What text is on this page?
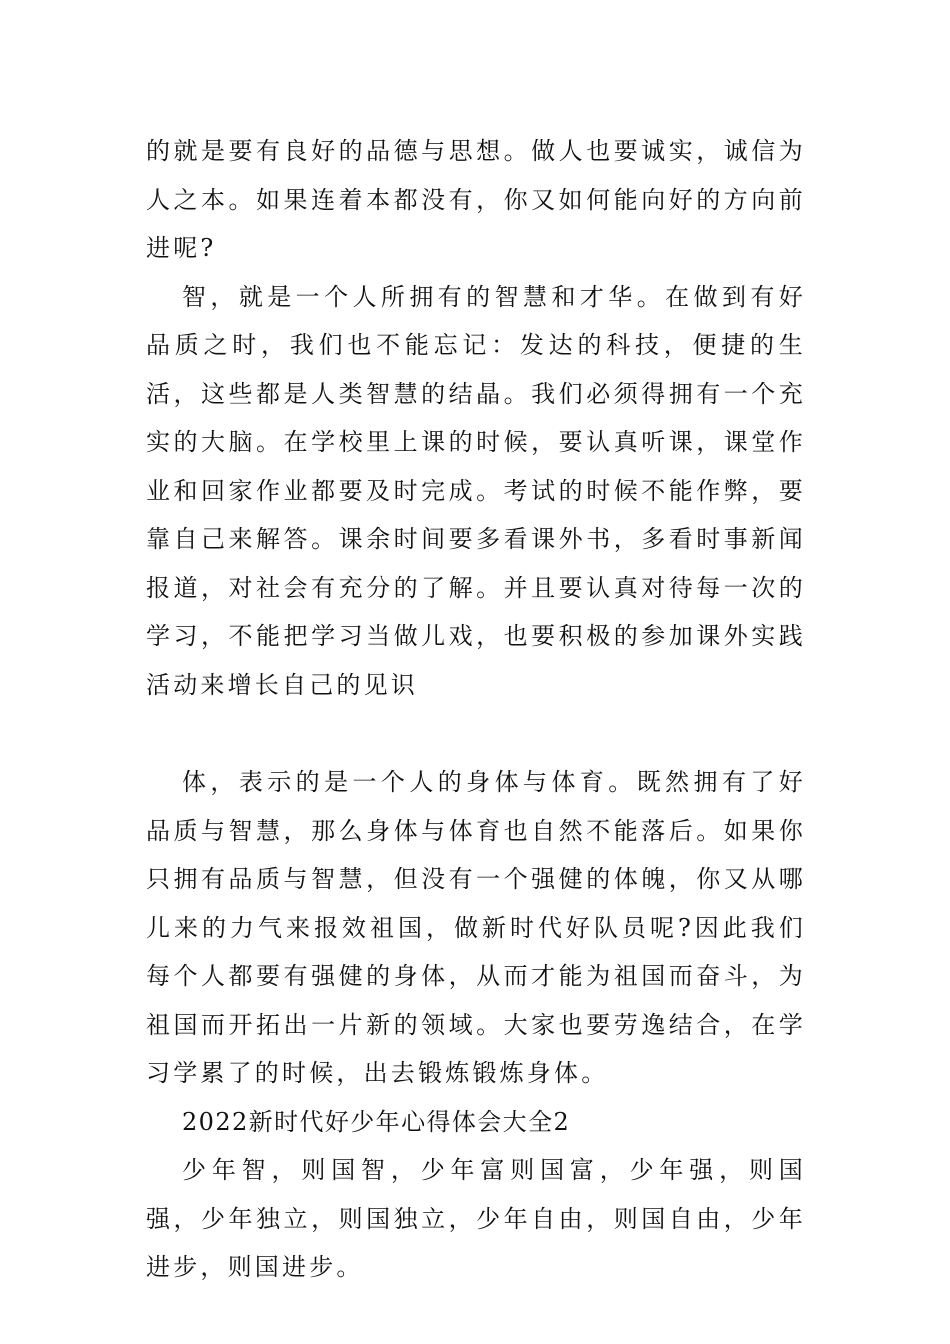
的就是要有良好的品德与思想。做人也要诚实，诚信为人之本。如果连着本都没有，你又如何能向好的方向前进呢?

智，就是一个人所拥有的智慧和才华。在做到有好品质之时，我们也不能忘记：发达的科技，便捷的生活，这些都是人类智慧的结晶。我们必须得拥有一个充实的大脑。在学校里上课的时候，要认真听课，课堂作业和回家作业都要及时完成。考试的时候不能作弊，要靠自己来解答。课余时间要多看课外书，多看时事新闻报道，对社会有充分的了解。并且要认真对待每一次的学习，不能把学习当做儿戏，也要积极的参加课外实践活动来增长自己的见识

体，表示的是一个人的身体与体育。既然拥有了好品质与智慧，那么身体与体育也自然不能落后。如果你只拥有品质与智慧，但没有一个强健的体魄，你又从哪儿来的力气来报效祖国，做新时代好队员呢?因此我们每个人都要有强健的身体，从而才能为祖国而奋斗，为祖国而开拓出一片新的领域。大家也要劳逸结合，在学习学累了的时候，出去锻炼锻炼身体。

2022新时代好少年心得体会大全2

少年智，则国智，少年富则国富，少年强，则国强，少年独立，则国独立，少年自由，则国自由，少年进步，则国进步。
